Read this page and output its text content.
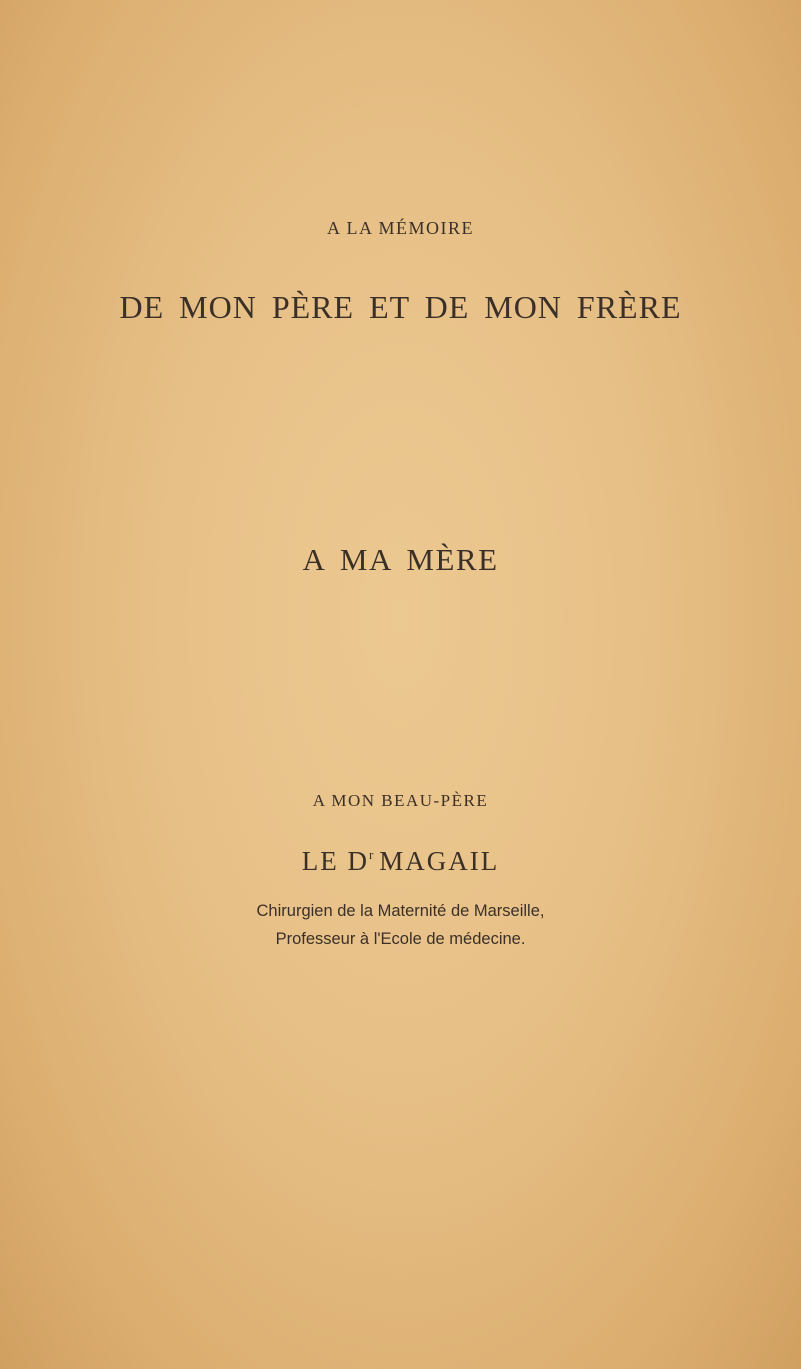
A LA MÉMOIRE
DE MON PÈRE ET DE MON FRÈRE
A MA MÈRE
A MON BEAU-PÈRE
LE $D^r$ MAGAIL
Chirurgien de la Maternité de Marseille,
Professeur à l'Ecole de médecine.
